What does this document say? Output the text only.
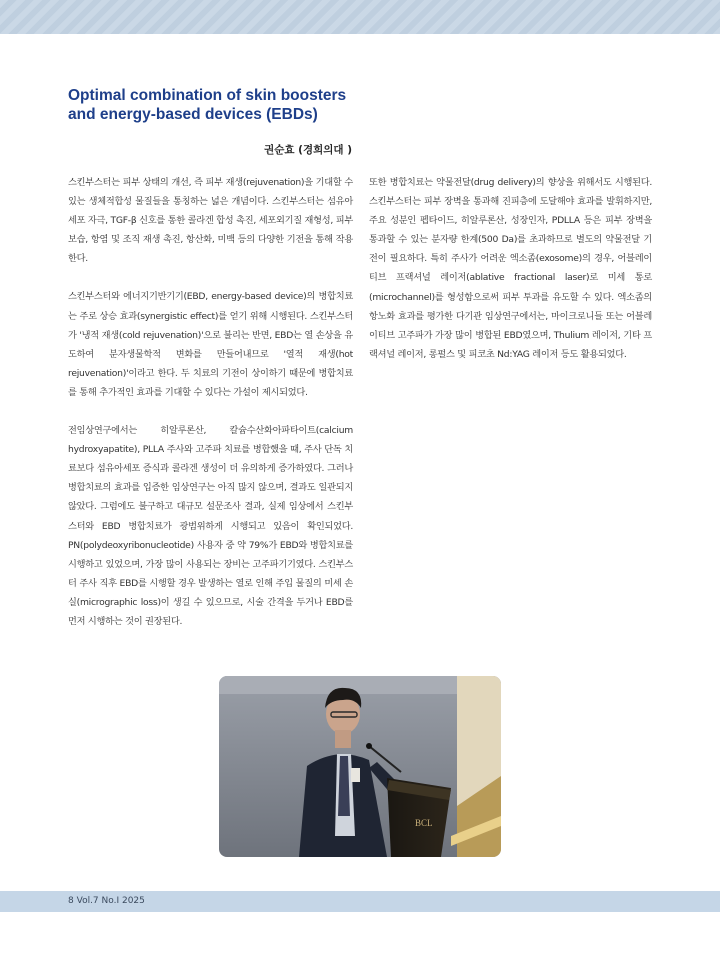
Optimal combination of skin boosters and energy-based devices (EBDs)
권순효 (경희의대 )

스킨부스터는 피부 상태의 개선, 즉 피부 재생(rejuvenation)을 기대할 수 있는 생체적합성 물질들을 통칭하는 넓은 개념이다. 스킨부스터는 섬유아세포 자극, TGF-β 신호를 통한 콜라겐 합성 촉진, 세포외기질 재형성, 피부 보습, 항염 및 조직 재생 촉진, 항산화, 미백 등의 다양한 기전을 통해 작용한다.

스킨부스터와 에너지기반기기(EBD, energy-based device)의 병합치료는 주로 상승 효과(synergistic effect)를 얻기 위해 시행된다. 스킨부스터가 '냉적 재생(cold rejuvenation)'으로 불리는 반면, EBD는 열 손상을 유도하여 분자생물학적 변화를 만들어내므로 '열적 재생(hot rejuvenation)'이라고 한다. 두 치료의 기전이 상이하기 때문에 병합치료를 통해 추가적인 효과를 기대할 수 있다는 가설이 제시되었다.

전임상연구에서는 히알루론산, 칼슘수산화아파타이트(calcium hydroxyapatite), PLLA 주사와 고주파 치료를 병합했을 때, 주사 단독 치료보다 섬유아세포 증식과 콜라겐 생성이 더 유의하게 증가하였다. 그러나 병합치료의 효과를 입증한 임상연구는 아직 많지 않으며, 결과도 일관되지 않았다. 그럼에도 불구하고 대규모 설문조사 결과, 실제 임상에서 스킨부스터와 EBD 병합치료가 광범위하게 시행되고 있음이 확인되었다. PN(polydeoxyribonucleotide) 사용자 중 약 79%가 EBD와 병합치료를 시행하고 있었으며, 가장 많이 사용되는 장비는 고주파기기였다. 스킨부스터 주사 직후 EBD를 시행할 경우 발생하는 열로 인해 주입 물질의 미세 손실(micrographic loss)이 생길 수 있으므로, 시술 간격을 두거나 EBD를 먼저 시행하는 것이 권장된다.

또한 병합치료는 약물전달(drug delivery)의 향상을 위해서도 시행된다. 스킨부스터는 피부 장벽을 통과해 진피층에 도달해야 효과를 발휘하지만, 주요 성분인 펩타이드, 히알루론산, 성장인자, PDLLA 등은 피부 장벽을 통과할 수 있는 분자량 한계(500 Da)를 초과하므로 별도의 약물전달 기전이 필요하다. 특히 주사가 어려운 엑소좀(exosome)의 경우, 어블레이티브 프랙셔널 레이저(ablative fractional laser)로 미세 통로(microchannel)를 형성함으로써 피부 투과를 유도할 수 있다. 엑소좀의 항노화 효과를 평가한 다기관 임상연구에서는, 마이크로니들 또는 어블레이티브 고주파가 가장 많이 병합된 EBD였으며, Thulium 레이저, 기타 프랙셔널 레이저, 롱펄스 및 피코초 Nd:YAG 레이저 등도 활용되었다.

BCL
8 Vol.7 No.I 2025
